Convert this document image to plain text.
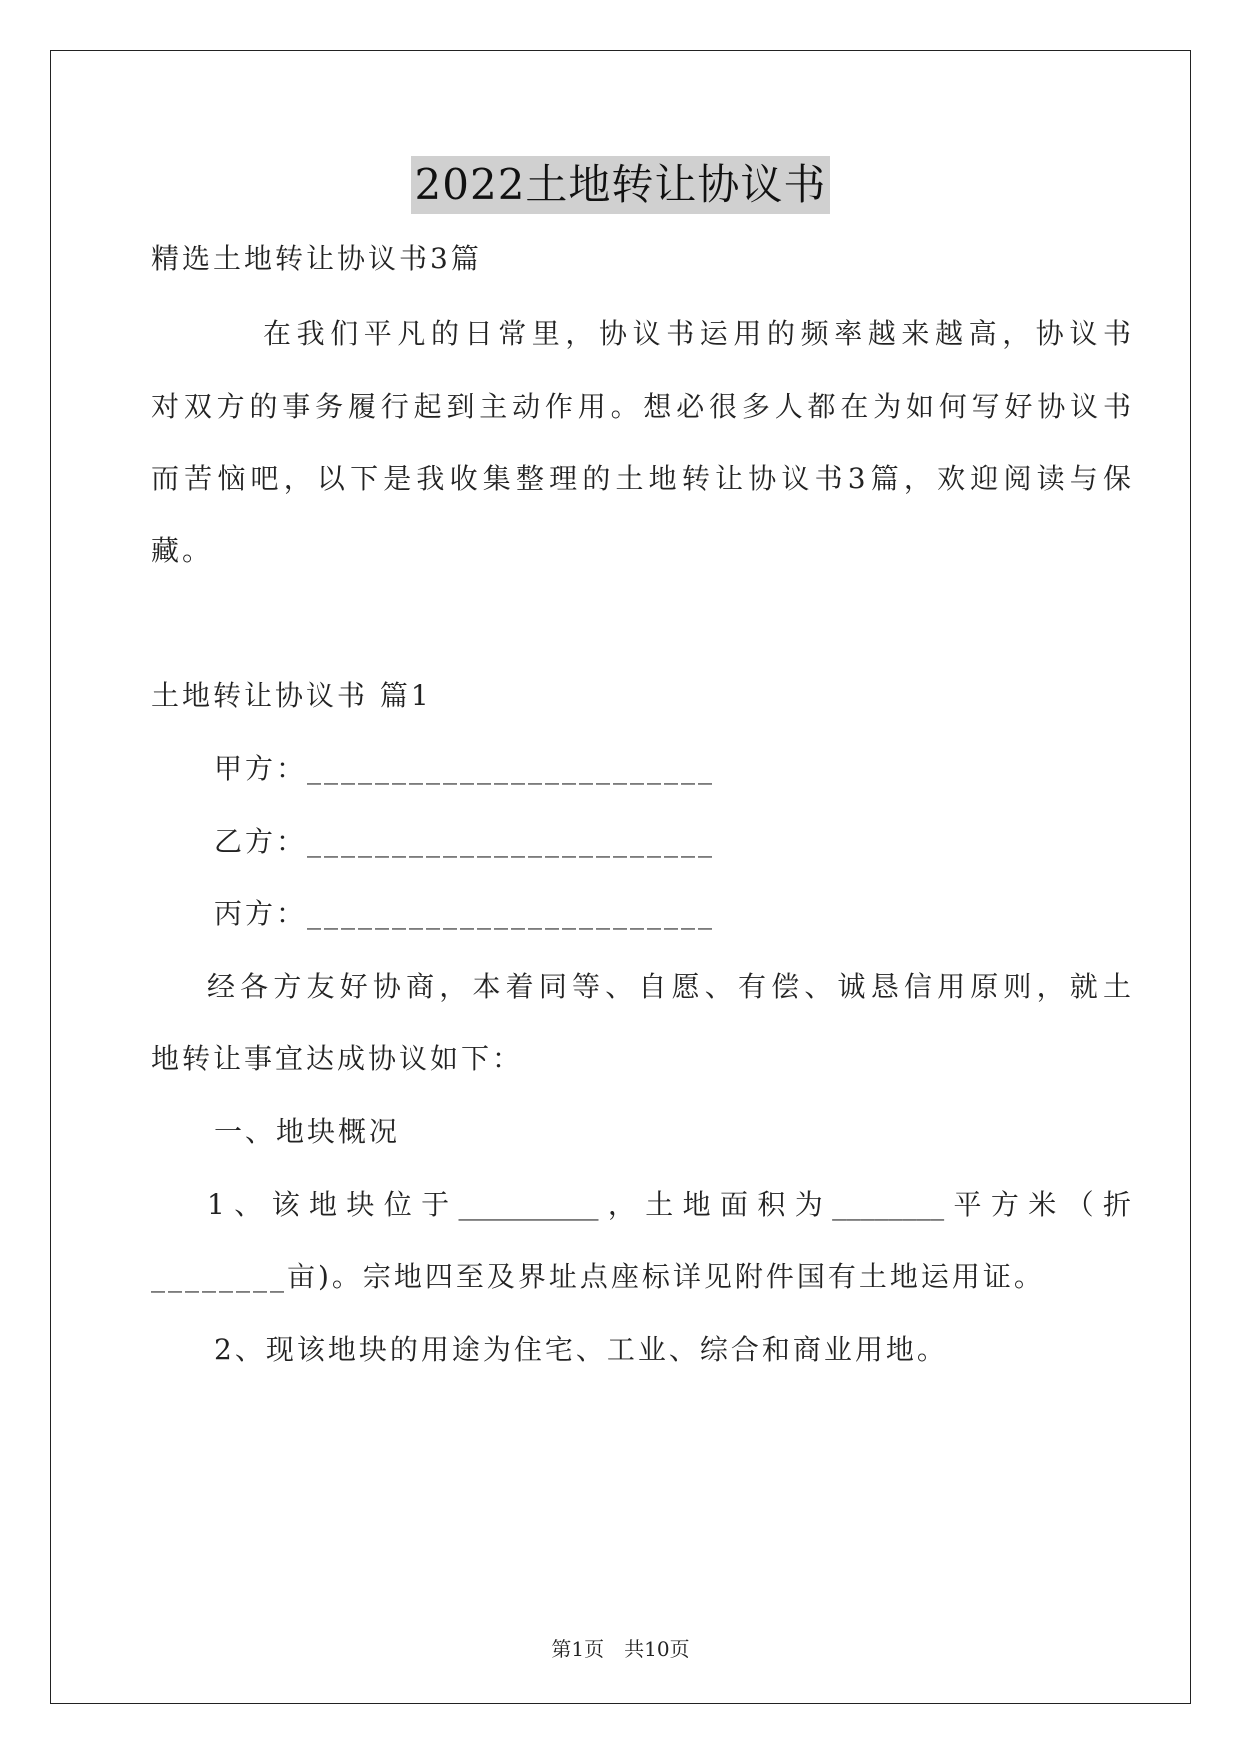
2022土地转让协议书
精选土地转让协议书3篇
在我们平凡的日常里，协议书运用的频率越来越高，协议书
对双方的事务履行起到主动作用。想必很多人都在为如何写好协议书
而苦恼吧，以下是我收集整理的土地转让协议书3篇，欢迎阅读与保
藏。
土地转让协议书 篇1
甲方：________________________
乙方：________________________
丙方：________________________
经各方友好协商，本着同等、自愿、有偿、诚恳信用原则，就土
地转让事宜达成协议如下：
一、地块概况
1、该地块位于__________，土地面积为________平方米（折
________亩)。宗地四至及界址点座标详见附件国有土地运用证。
2、现该地块的用途为住宅、工业、综合和商业用地。
第1页　共10页
